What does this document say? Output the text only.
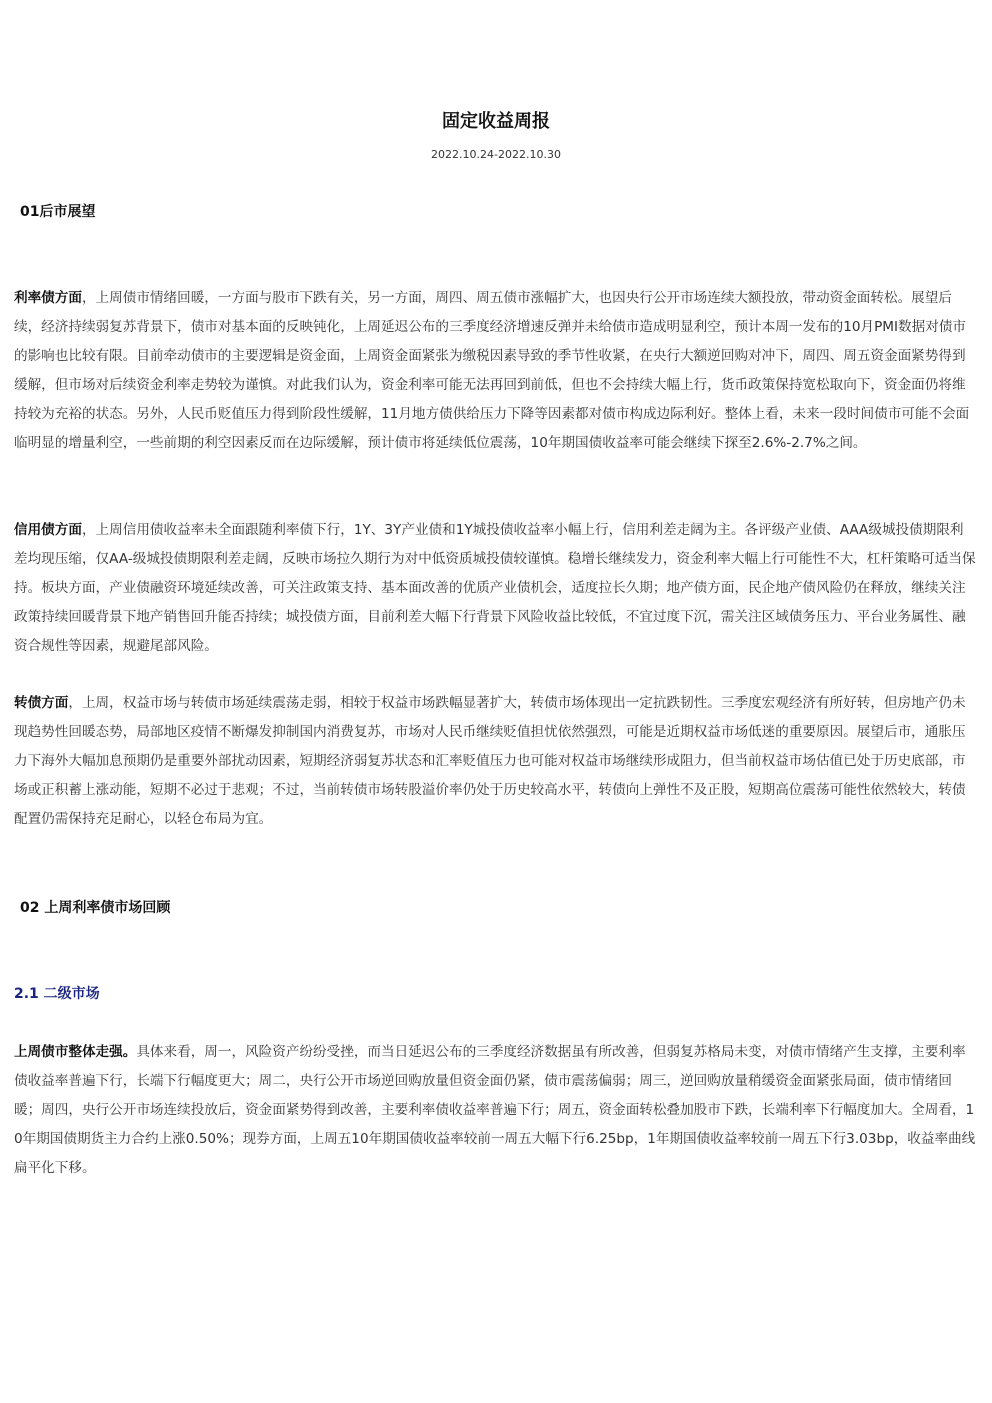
固定收益周报
2022.10.24-2022.10.30
01后市展望

利率债方面，上周债市情绪回暖，一方面与股市下跌有关，另一方面，周四、周五债市涨幅扩大，也因央行公开市场连续大额投放，带动资金面转松。展望后续，经济持续弱复苏背景下，债市对基本面的反映钝化，上周延迟公布的三季度经济增速反弹并未给债市造成明显利空，预计本周一发布的10月PMI数据对债市的影响也比较有限。目前牵动债市的主要逻辑是资金面，上周资金面紧张为缴税因素导致的季节性收紧，在央行大额逆回购对冲下，周四、周五资金面紧势得到缓解，但市场对后续资金利率走势较为谨慎。对此我们认为，资金利率可能无法再回到前低，但也不会持续大幅上行，货币政策保持宽松取向下，资金面仍将维持较为充裕的状态。另外，人民币贬值压力得到阶段性缓解，11月地方债供给压力下降等因素都对债市构成边际利好。整体上看，未来一段时间债市可能不会面临明显的增量利空，一些前期的利空因素反而在边际缓解，预计债市将延续低位震荡，10年期国债收益率可能会继续下探至2.6%-2.7%之间。

信用债方面，上周信用债收益率未全面跟随利率债下行，1Y、3Y产业债和1Y城投债收益率小幅上行，信用利差走阔为主。各评级产业债、AAA级城投债期限利差均现压缩，仅AA-级城投债期限利差走阔，反映市场拉久期行为对中低资质城投债较谨慎。稳增长继续发力，资金利率大幅上行可能性不大，杠杆策略可适当保持。板块方面，产业债融资环境延续改善，可关注政策支持、基本面改善的优质产业债机会，适度拉长久期；地产债方面，民企地产债风险仍在释放，继续关注政策持续回暖背景下地产销售回升能否持续；城投债方面，目前利差大幅下行背景下风险收益比较低，不宜过度下沉，需关注区域债务压力、平台业务属性、融资合规性等因素，规避尾部风险。

转债方面，上周，权益市场与转债市场延续震荡走弱，相较于权益市场跌幅显著扩大，转债市场体现出一定抗跌韧性。三季度宏观经济有所好转，但房地产仍未现趋势性回暖态势，局部地区疫情不断爆发抑制国内消费复苏，市场对人民币继续贬值担忧依然强烈，可能是近期权益市场低迷的重要原因。展望后市，通胀压力下海外大幅加息预期仍是重要外部扰动因素，短期经济弱复苏状态和汇率贬值压力也可能对权益市场继续形成阻力，但当前权益市场估值已处于历史底部，市场或正积蓄上涨动能，短期不必过于悲观；不过，当前转债市场转股溢价率仍处于历史较高水平，转债向上弹性不及正股，短期高位震荡可能性依然较大，转债配置仍需保持充足耐心，以轻仓布局为宜。

02 上周利率债市场回顾
2.1 二级市场

上周债市整体走强。具体来看，周一，风险资产纷纷受挫，而当日延迟公布的三季度经济数据虽有所改善，但弱复苏格局未变，对债市情绪产生支撑，主要利率债收益率普遍下行，长端下行幅度更大；周二，央行公开市场逆回购放量但资金面仍紧，债市震荡偏弱；周三，逆回购放量稍缓资金面紧张局面，债市情绪回暖；周四，央行公开市场连续投放后，资金面紧势得到改善，主要利率债收益率普遍下行；周五，资金面转松叠加股市下跌，长端利率下行幅度加大。全周看，10年期国债期货主力合约上涨0.50%；现券方面，上周五10年期国债收益率较前一周五大幅下行6.25bp，1年期国债收益率较前一周五下行3.03bp，收益率曲线扁平化下移。
